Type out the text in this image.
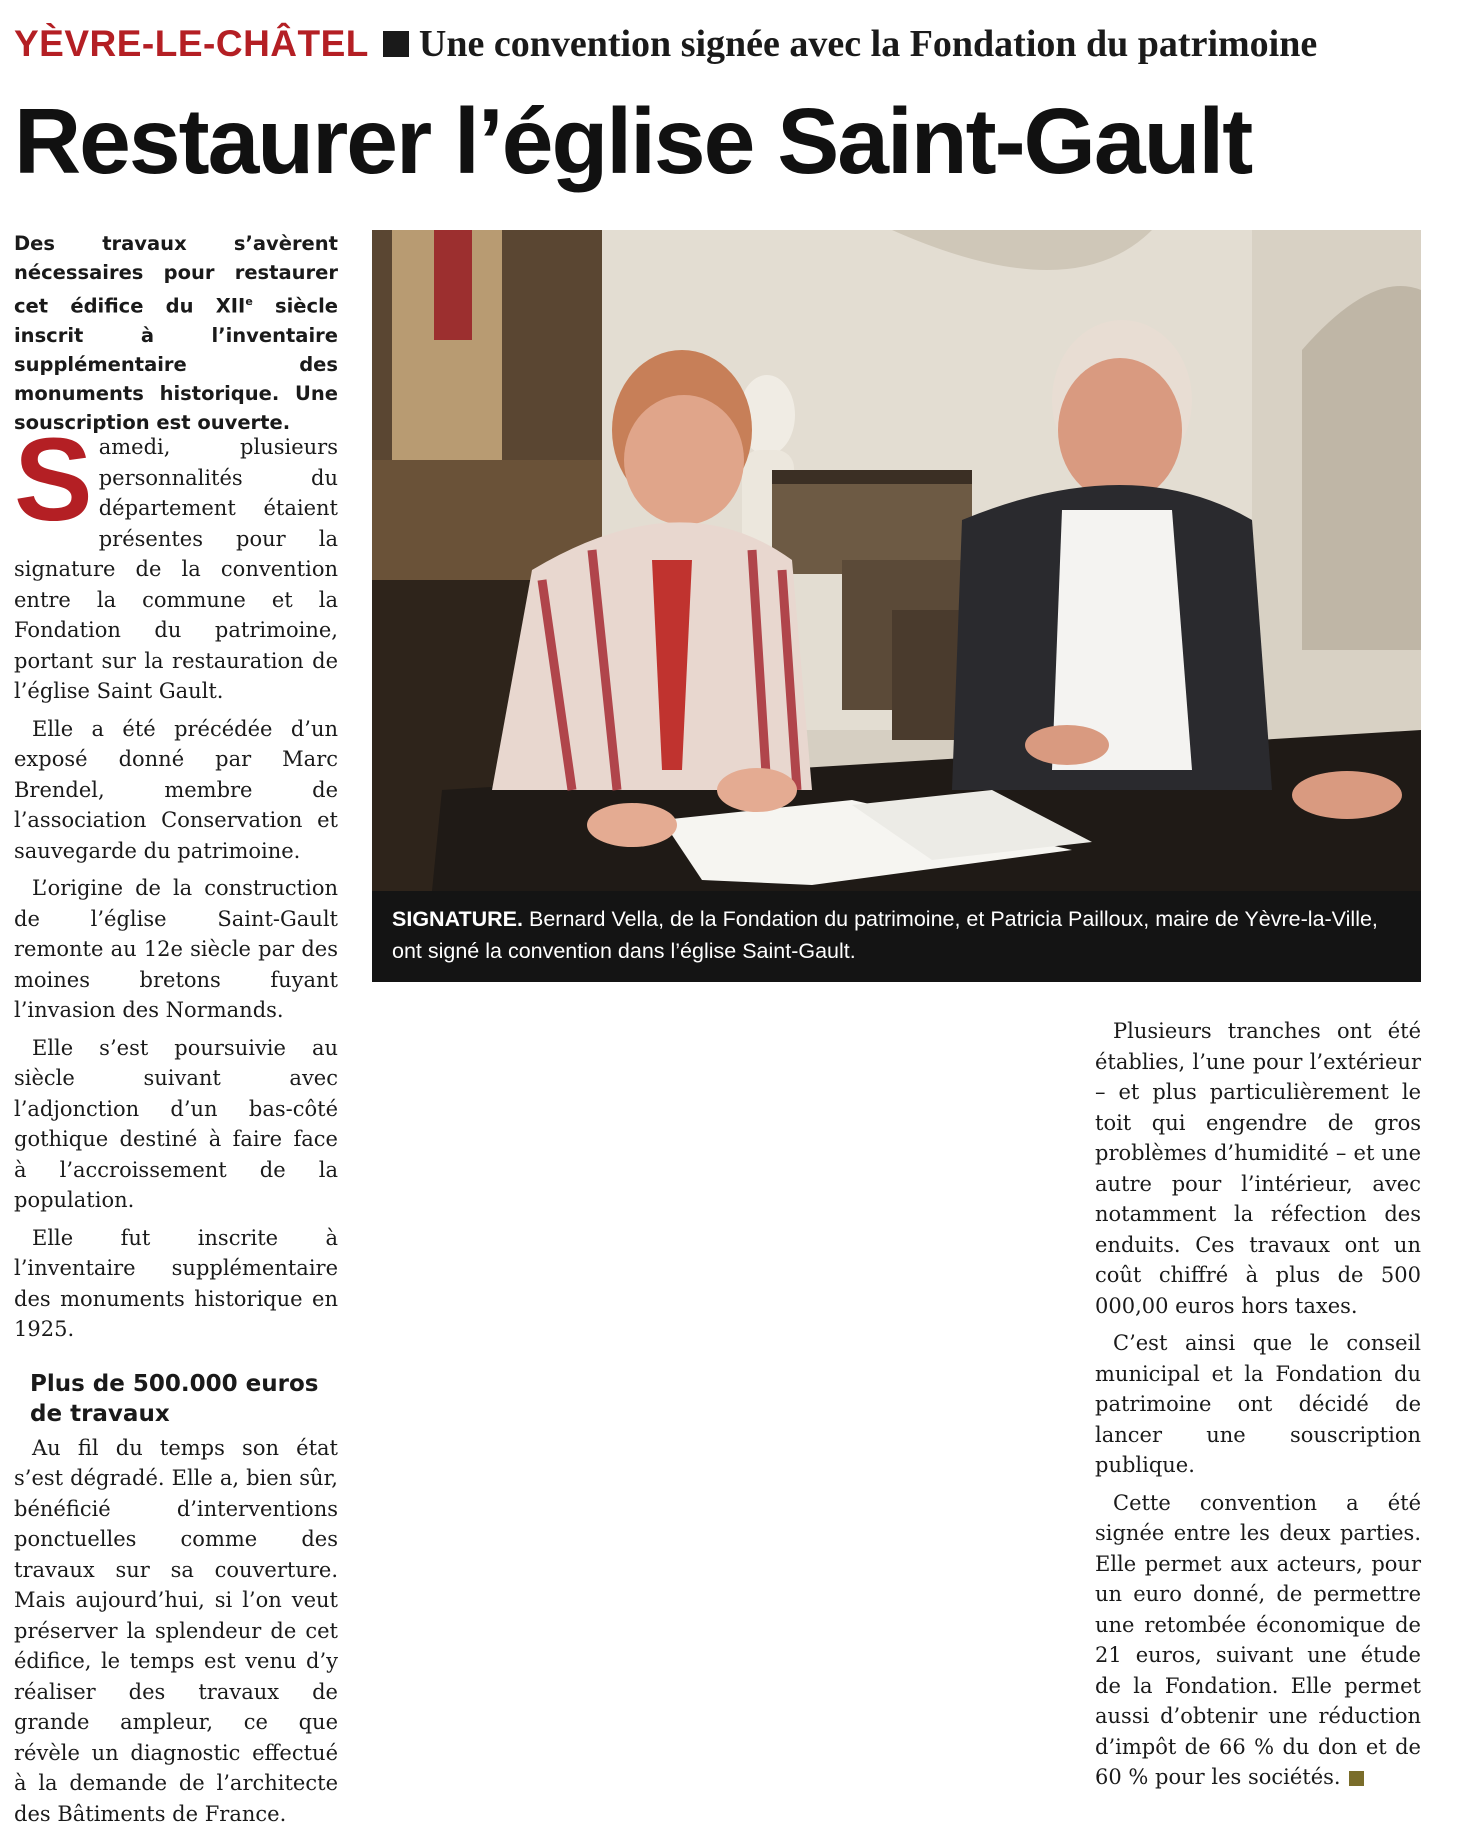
YÈVRE-LE-CHÂTEL Une convention signée avec la Fondation du patrimoine
Restaurer l’église Saint-Gault
Des travaux s’avèrent nécessaires pour restaurer cet édifice du XIIe siècle inscrit à l’inventaire supplémentaire des monuments historique. Une souscription est ouverte.
SIGNATURE. Bernard Vella, de la Fondation du patrimoine, et Patricia Pailloux, maire de Yèvre-la-Ville, ont signé la convention dans l’église Saint-Gault.

Samedi, plusieurs personnalités du département étaient présentes pour la signature de la convention entre la commune et la Fondation du patrimoine, portant sur la restauration de l’église Saint Gault.

Elle a été précédée d’un exposé donné par Marc Brendel, membre de l’association Conservation et sauvegarde du patrimoine.

L’origine de la construction de l’église Saint-Gault remonte au 12e siècle par des moines bretons fuyant l’invasion des Normands.

Elle s’est poursuivie au siècle suivant avec l’adjonction d’un bas-côté gothique destiné à faire face à l’accroissement de la population.

Elle fut inscrite à l’inventaire supplémentaire des monuments historique en 1925.

Plus de 500.000 euros de travaux

Au fil du temps son état s’est dégradé. Elle a, bien sûr, bénéficié d’interventions ponctuelles comme des travaux sur sa couverture. Mais aujourd’hui, si l’on veut préserver la splendeur de cet édifice, le temps est venu d’y réaliser des travaux de grande ampleur, ce que révèle un diagnostic effectué à la demande de l’architecte des Bâtiments de France.

Plusieurs tranches ont été établies, l’une pour l’extérieur – et plus particulièrement le toit qui engendre de gros problèmes d’humidité – et une autre pour l’intérieur, avec notamment la réfection des enduits. Ces travaux ont un coût chiffré à plus de 500 000,00 euros hors taxes.

C’est ainsi que le conseil municipal et la Fondation du patrimoine ont décidé de lancer une souscription publique.

Cette convention a été signée entre les deux parties. Elle permet aux acteurs, pour un euro donné, de permettre une retombée économique de 21 euros, suivant une étude de la Fondation. Elle permet aussi d’obtenir une réduction d’impôt de 66 % du don et de 60 % pour les sociétés.
